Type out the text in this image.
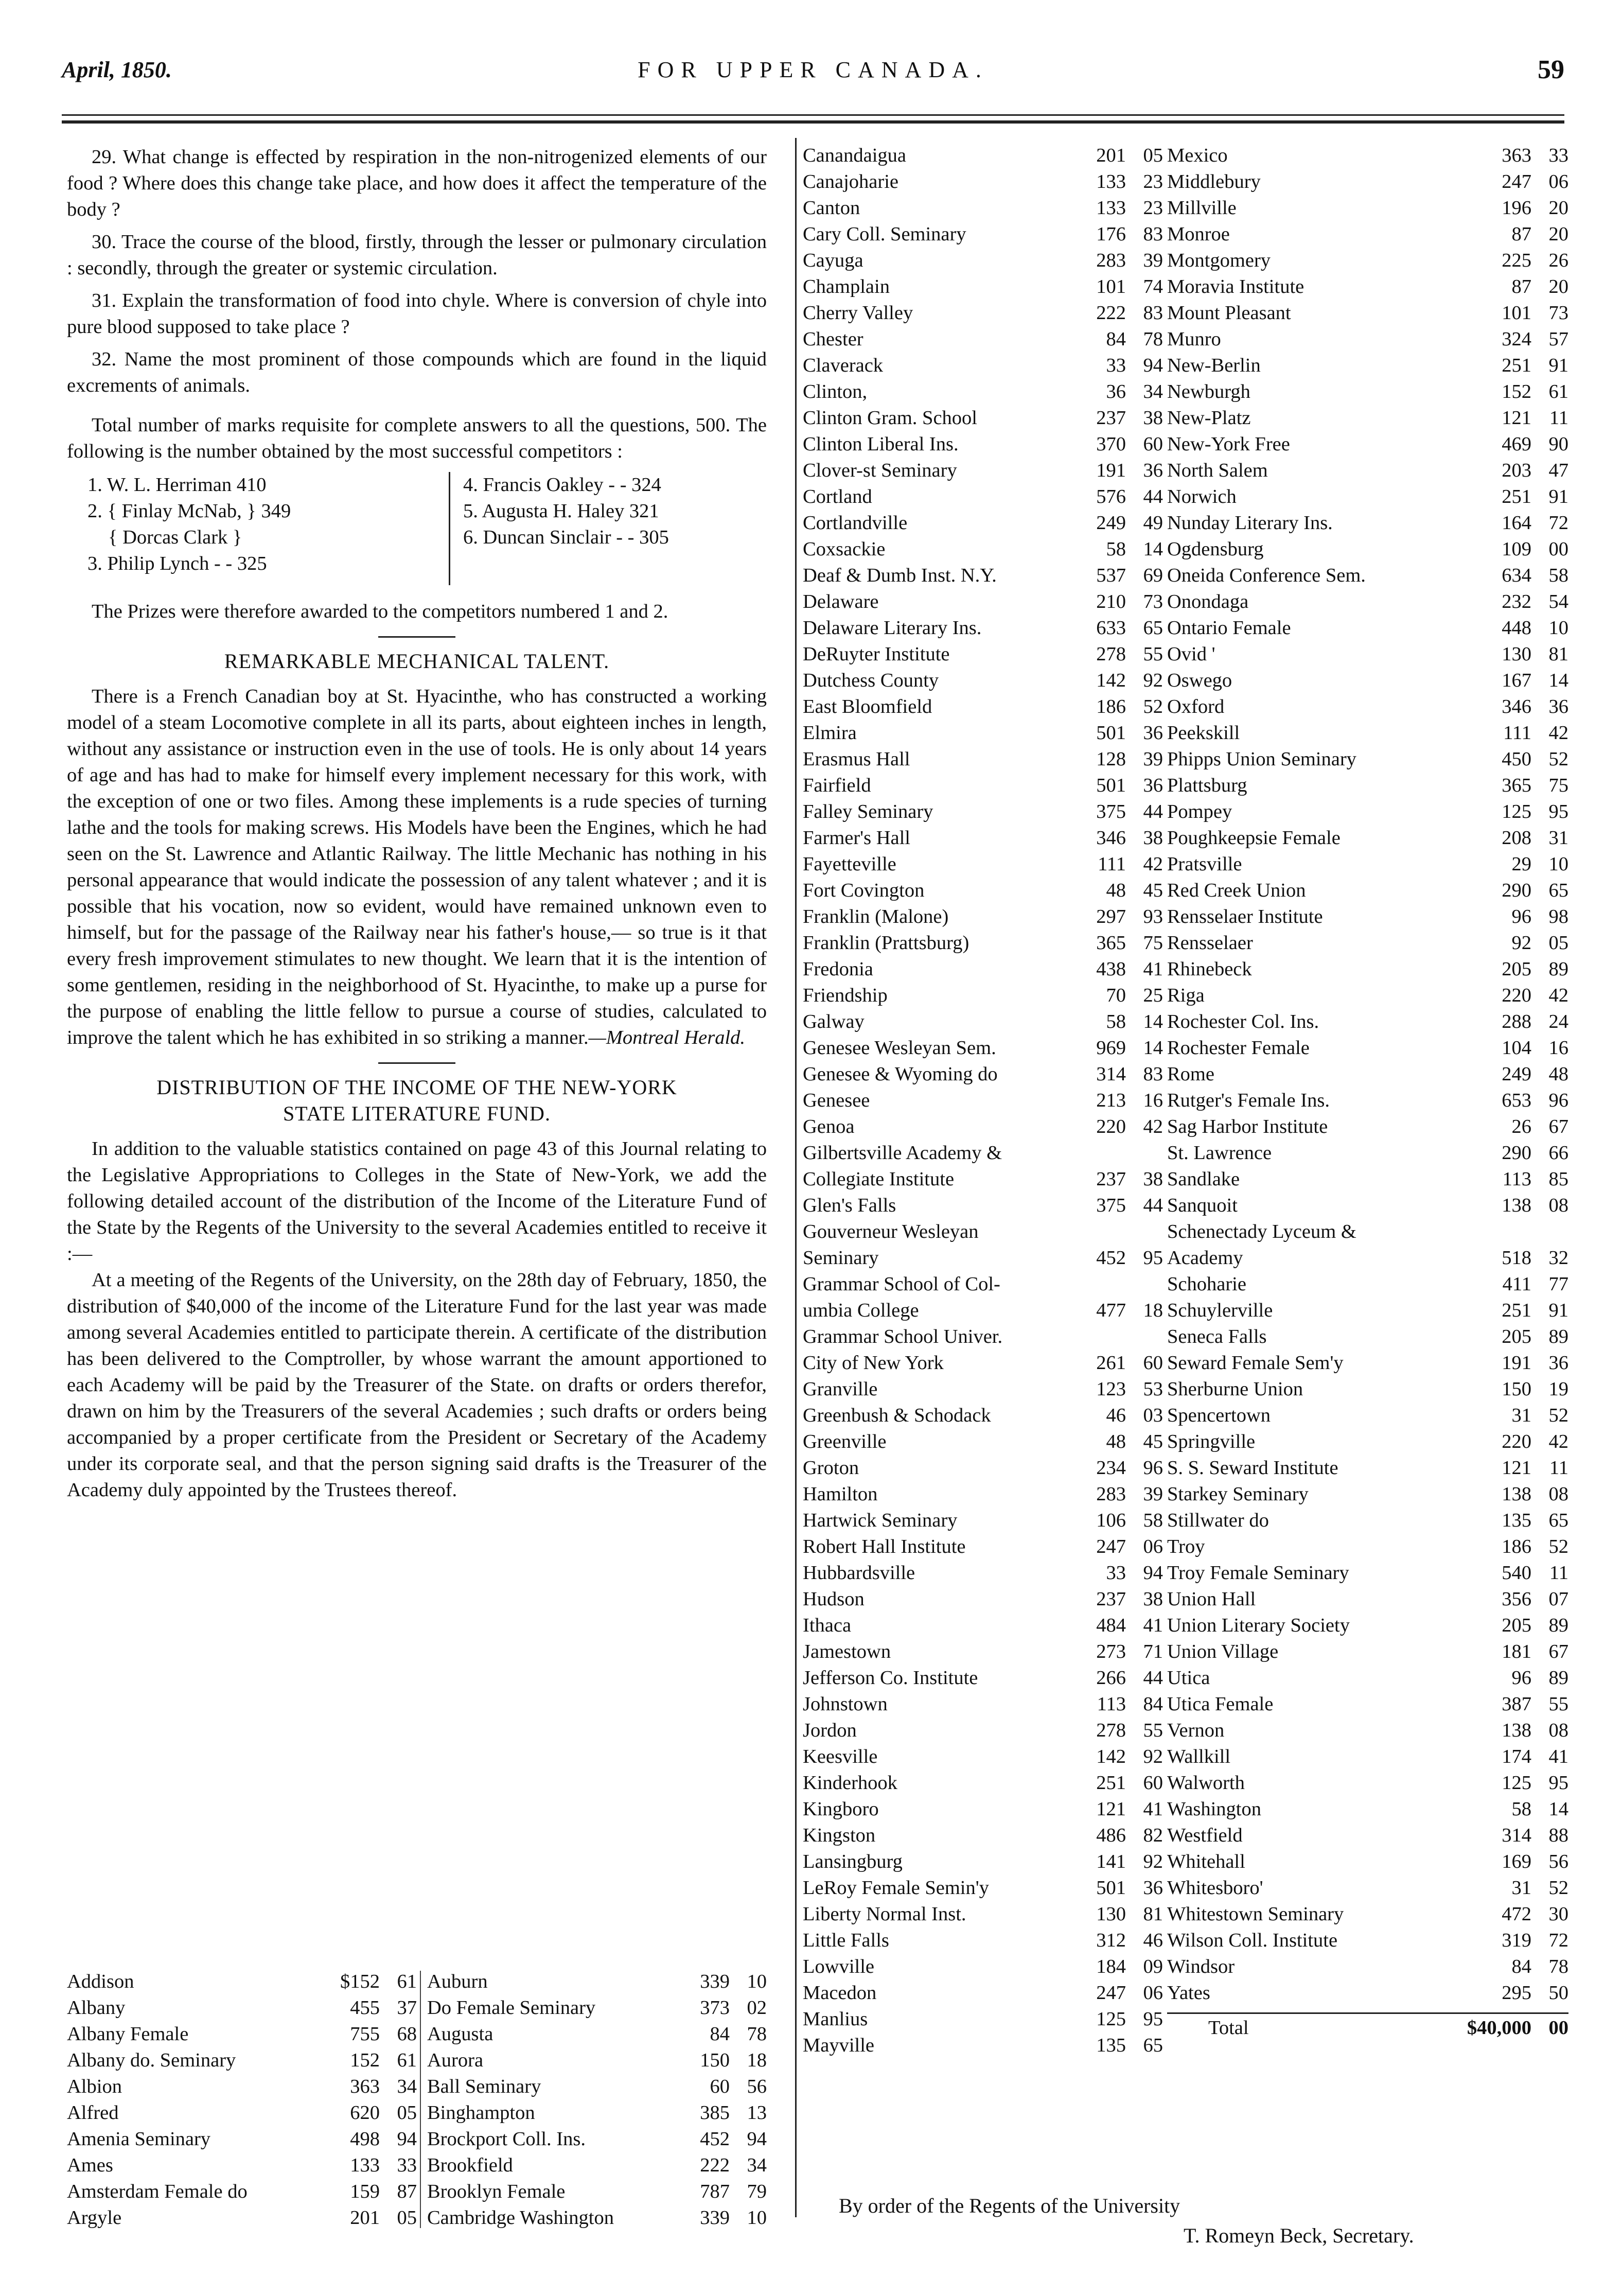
April, 1850.	FOR UPPER CANADA.	59

29. What change is effected by respiration in the non-nitrogenized elements of our food ? Where does this change take place, and how does it affect the temperature of the body ?

30. Trace the course of the blood, firstly, through the lesser or pulmonary circulation : secondly, through the greater or systemic circulation.

31. Explain the transformation of food into chyle. Where is conversion of chyle into pure blood supposed to take place ?

32. Name the most prominent of those compounds which are found in the liquid excrements of animals.

Total number of marks requisite for complete answers to all the questions, 500. The following is the number obtained by the most successful competitors :

1. W. L. Herriman 410
2. { Finlay McNab, } 349
{ Dorcas Clark }
3. Philip Lynch - - 325
4. Francis Oakley - - 324
5. Augusta H. Haley 321
6. Duncan Sinclair - - 305

The Prizes were therefore awarded to the competitors numbered 1 and 2.

REMARKABLE MECHANICAL TALENT.

There is a French Canadian boy at St. Hyacinthe, who has constructed a working model of a steam Locomotive complete in all its parts, about eighteen inches in length, without any assistance or instruction even in the use of tools. He is only about 14 years of age and has had to make for himself every implement necessary for this work, with the exception of one or two files. Among these implements is a rude species of turning lathe and the tools for making screws. His Models have been the Engines, which he had seen on the St. Lawrence and Atlantic Railway. The little Mechanic has nothing in his personal appearance that would indicate the possession of any talent whatever ; and it is possible that his vocation, now so evident, would have remained unknown even to himself, but for the passage of the Railway near his father's house,— so true is it that every fresh improvement stimulates to new thought. We learn that it is the intention of some gentlemen, residing in the neighborhood of St. Hyacinthe, to make up a purse for the purpose of enabling the little fellow to pursue a course of studies, calculated to improve the talent which he has exhibited in so striking a manner.—Montreal Herald.

DISTRIBUTION OF THE INCOME OF THE NEW-YORK
STATE LITERATURE FUND.

In addition to the valuable statistics contained on page 43 of this Journal relating to the Legislative Appropriations to Colleges in the State of New-York, we add the following detailed account of the distribution of the Income of the Literature Fund of the State by the Regents of the University to the several Academies entitled to receive it :—

At a meeting of the Regents of the University, on the 28th day of February, 1850, the distribution of $40,000 of the income of the Literature Fund for the last year was made among several Academies entitled to participate therein. A certificate of the distribution has been delivered to the Comptroller, by whose warrant the amount apportioned to each Academy will be paid by the Treasurer of the State. on drafts or orders therefor, drawn on him by the Treasurers of the several Academies ; such drafts or orders being accompanied by a proper certificate from the President or Secretary of the Academy under its corporate seal, and that the person signing said drafts is the Treasurer of the Academy duly appointed by the Trustees thereof.

Addison	$152 61
Albany	455 37
Albany Female	755 68
Albany do. Seminary	152 61
Albion	363 34
Alfred	620 05
Amenia Seminary	498 94
Ames	133 33
Amsterdam Female do	159 87
Argyle	201 05
Auburn	339 10
Do Female Seminary	373 02
Augusta	84 78
Aurora	150 18
Ball Seminary	60 56
Binghampton	385 13
Brockport Coll. Ins.	452 94
Brookfield	222 34
Brooklyn Female	787 79
Cambridge Washington	339 10
Canandaigua	201 05
Canajoharie	133 23
Canton	133 23
Cary Coll. Seminary	176 83
Cayuga	283 39
Champlain	101 74
Cherry Valley	222 83
Chester	84 78
Claverack	33 94
Clinton,	36 34
Clinton Gram. School	237 38
Clinton Liberal Ins.	370 60
Clover-st Seminary	191 36
Cortland	576 44
Cortlandville	249 49
Coxsackie	58 14
Deaf & Dumb Inst. N.Y.	537 69
Delaware	210 73
Delaware Literary Ins.	633 65
DeRuyter Institute	278 55
Dutchess County	142 92
East Bloomfield	186 52
Elmira	501 36
Erasmus Hall	128 39
Fairfield	501 36
Falley Seminary	375 44
Farmer's Hall	346 38
Fayetteville	111 42
Fort Covington	48 45
Franklin (Malone)	297 93
Franklin (Prattsburg)	365 75
Fredonia	438 41
Friendship	70 25
Galway	58 14
Genesee Wesleyan Sem.	969 14
Genesee & Wyoming do	314 83
Genesee	213 16
Genoa	220 42
Gilbertsville Academy &
Collegiate Institute	237 38
Glen's Falls	375 44
Gouverneur Wesleyan
Seminary	452 95
Grammar School of Col-
umbia College	477 18
Grammar School Univer.
City of New York	261 60
Granville	123 53
Greenbush & Schodack	46 03
Greenville	48 45
Groton	234 96
Hamilton	283 39
Hartwick Seminary	106 58
Robert Hall Institute	247 06
Hubbardsville	33 94
Hudson	237 38
Ithaca	484 41
Jamestown	273 71
Jefferson Co. Institute	266 44
Johnstown	113 84
Jordon	278 55
Keesville	142 92
Kinderhook	251 60
Kingboro	121 41
Kingston	486 82
Lansingburg	141 92
LeRoy Female Semin'y	501 36
Liberty Normal Inst.	130 81
Little Falls	312 46
Lowville	184 09
Macedon	247 06
Manlius	125 95
Mayville	135 65
Mexico	363 33
Middlebury	247 06
Millville	196 20
Monroe	87 20
Montgomery	225 26
Moravia Institute	87 20
Mount Pleasant	101 73
Munro	324 57
New-Berlin	251 91
Newburgh	152 61
New-Platz	121 11
New-York Free	469 90
North Salem	203 47
Norwich	251 91
Nunday Literary Ins.	164 72
Ogdensburg	109 00
Oneida Conference Sem.	634 58
Onondaga	232 54
Ontario Female	448 10
Ovid '	130 81
Oswego	167 14
Oxford	346 36
Peekskill	111 42
Phipps Union Seminary	450 52
Plattsburg	365 75
Pompey	125 95
Poughkeepsie Female	208 31
Pratsville	29 10
Red Creek Union	290 65
Rensselaer Institute	96 98
Rensselaer	92 05
Rhinebeck	205 89
Riga	220 42
Rochester Col. Ins.	288 24
Rochester Female	104 16
Rome	249 48
Rutger's Female Ins.	653 96
Sag Harbor Institute	26 67
St. Lawrence	290 66
Sandlake	113 85
Sanquoit	138 08
Schenectady Lyceum &
Academy	518 32
Schoharie	411 77
Schuylerville	251 91
Seneca Falls	205 89
Seward Female Sem'y	191 36
Sherburne Union	150 19
Spencertown	31 52
Springville	220 42
S. S. Seward Institute	121 11
Starkey Seminary	138 08
Stillwater do	135 65
Troy	186 52
Troy Female Seminary	540 11
Union Hall	356 07
Union Literary Society	205 89
Union Village	181 67
Utica	96 89
Utica Female	387 55
Vernon	138 08
Wallkill	174 41
Walworth	125 95
Washington	58 14
Westfield	314 88
Whitehall	169 56
Whitesboro'	31 52
Whitestown Seminary	472 30
Wilson Coll. Institute	319 72
Windsor	84 78
Yates	295 50
Total	$40,000 00
By order of the Regents of the University
T. Romeyn Beck, Secretary.
